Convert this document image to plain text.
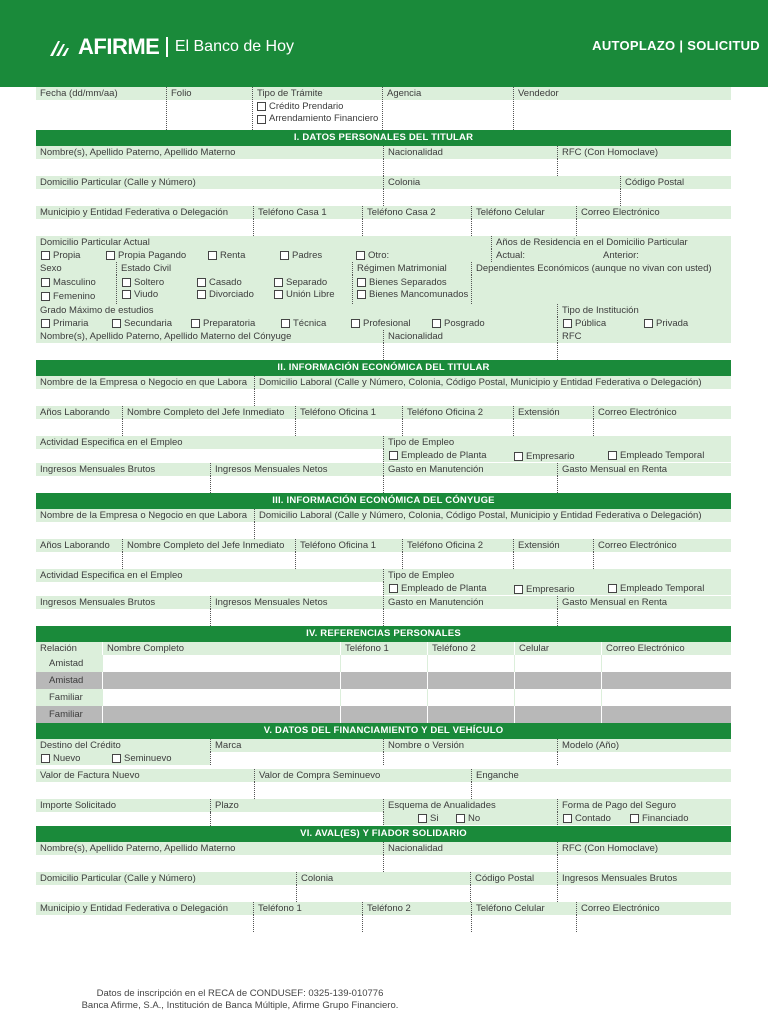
AFIRME El Banco de Hoy	AUTOPLAZO | SOLICITUD
Fecha (dd/mm/aa)	Folio	Tipo de Trámite
Crédito Prendario
Arrendamiento Financiero
Agencia	Vendedor
I. DATOS PERSONALES DEL TITULAR
Nombre(s), Apellido Paterno, Apellido Materno	Nacionalidad	RFC (Con Homoclave)
Domicilio Particular (Calle y Número)	Colonia	Código Postal
Municipio y Entidad Federativa o Delegación	Teléfono Casa 1	Teléfono Casa 2	Teléfono Celular	Correo Electrónico
Domicilio Particular Actual	Años de Residencia en el Domicilio Particular
Propia	Propia Pagando	Renta	Padres	Otro:	Actual:	Anterior:
Sexo	Estado Civil	Régimen Matrimonial	Dependientes Económicos (aunque no vivan con usted)
Masculino
Femenino
Soltero
Viudo
Casado
Divorciado
Separado
Unión Libre
Bienes Separados
Bienes Mancomunados
Grado Máximo de estudios	Tipo de Institución
Primaria	Secundaria	Preparatoria	Técnica	Profesional	Posgrado	Pública	Privada
Nombre(s), Apellido Paterno, Apellido Materno del Cónyuge	Nacionalidad	RFC
II. INFORMACIÓN ECONÓMICA DEL TITULAR
Nombre de la Empresa o Negocio en que Labora	Domicilio Laboral (Calle y Número, Colonia, Código Postal, Municipio y Entidad Federativa o Delegación)
Años Laborando	Nombre Completo del Jefe Inmediato	Teléfono Oficina 1	Teléfono Oficina 2	Extensión	Correo Electrónico
Actividad Especifica en el Empleo	Tipo de Empleo
Empleado de Planta	Empresario	Empleado Temporal
Ingresos Mensuales Brutos	Ingresos Mensuales Netos	Gasto en Manutención	Gasto Mensual en Renta
III. INFORMACIÓN ECONÓMICA DEL CÓNYUGE
Nombre de la Empresa o Negocio en que Labora	Domicilio Laboral (Calle y Número, Colonia, Código Postal, Municipio y Entidad Federativa o Delegación)
Años Laborando	Nombre Completo del Jefe Inmediato	Teléfono Oficina 1	Teléfono Oficina 2	Extensión	Correo Electrónico
Actividad Especifica en el Empleo	Tipo de Empleo
Empleado de Planta	Empresario	Empleado Temporal
Ingresos Mensuales Brutos	Ingresos Mensuales Netos	Gasto en Manutención	Gasto Mensual en Renta
IV. REFERENCIAS PERSONALES
Relación	Nombre Completo	Teléfono 1	Teléfono 2	Celular	Correo Electrónico
Amistad
Amistad
Familiar
Familiar
V. DATOS DEL FINANCIAMIENTO Y DEL VEHÍCULO
Destino del Crédito	Marca	Nombre o Versión	Modelo (Año)
Nuevo	Seminuevo
Valor de Factura Nuevo	Valor de Compra Seminuevo	Enganche
Importe Solicitado	Plazo	Esquema de Anualidades	Forma de Pago del Seguro
Si	No	Contado	Financiado
VI. AVAL(ES) Y FIADOR SOLIDARIO
Nombre(s), Apellido Paterno, Apellido Materno	Nacionalidad	RFC (Con Homoclave)
Domicilio Particular (Calle y Número)	Colonia	Código Postal	Ingresos Mensuales Brutos
Municipio y Entidad Federativa o Delegación	Teléfono 1	Teléfono 2	Teléfono Celular	Correo Electrónico
Datos de inscripción en el RECA de CONDUSEF: 0325-139-010776
Banca Afirme, S.A., Institución de Banca Múltiple, Afirme Grupo Financiero.
